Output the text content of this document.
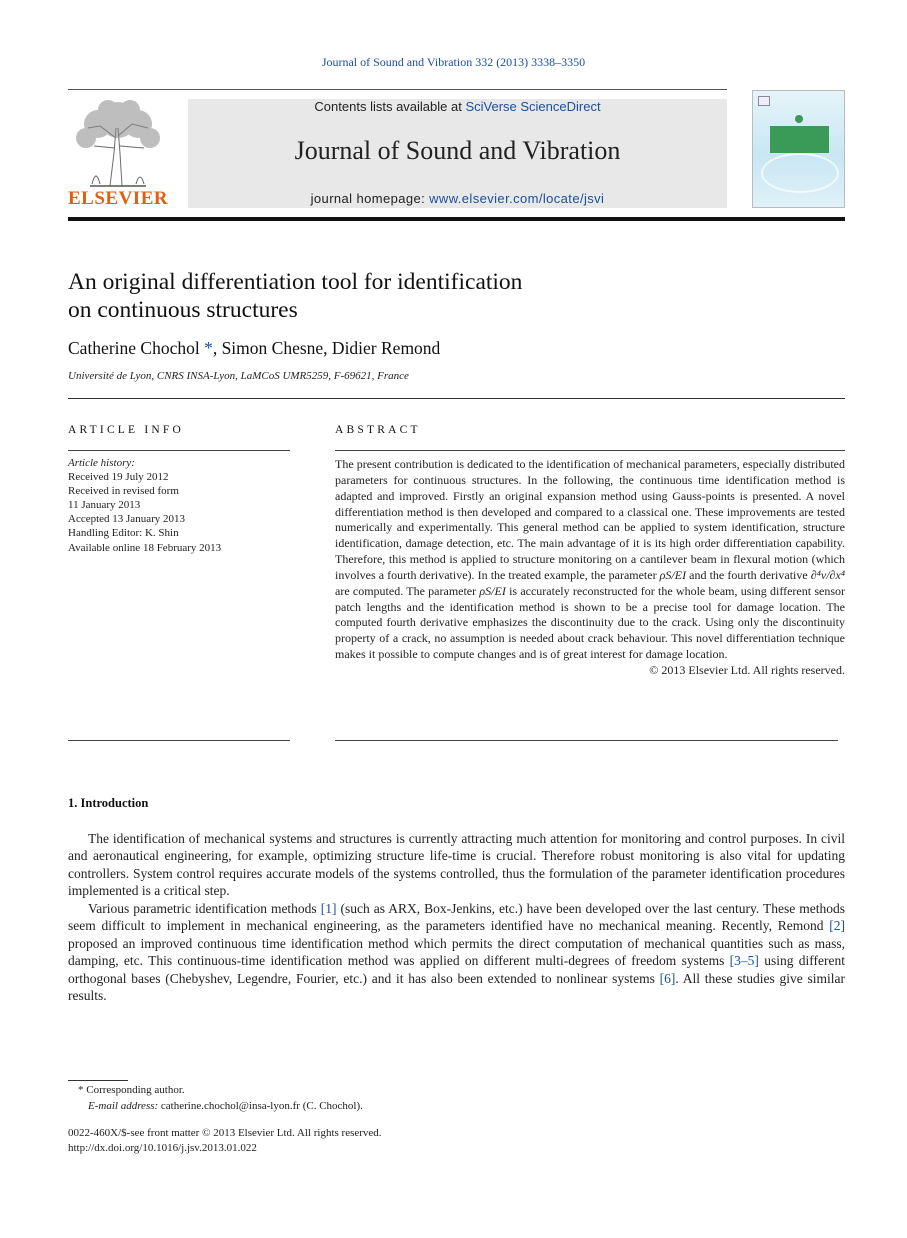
Journal of Sound and Vibration 332 (2013) 3338–3350
ELSEVIER
Contents lists available at SciVerse ScienceDirect
Journal of Sound and Vibration
journal homepage: www.elsevier.com/locate/jsvi
An original differentiation tool for identification
on continuous structures
Catherine Chochol *, Simon Chesne, Didier Remond
Université de Lyon, CNRS INSA-Lyon, LaMCoS UMR5259, F-69621, France
ARTICLE INFO
Article history:
Received 19 July 2012
Received in revised form
11 January 2013
Accepted 13 January 2013
Handling Editor: K. Shin
Available online 18 February 2013
ABSTRACT
The present contribution is dedicated to the identification of mechanical parameters, especially distributed parameters for continuous structures. In the following, the continuous time identification method is adapted and improved. Firstly an original expansion method using Gauss-points is presented. A novel differentiation method is then developed and compared to a classical one. These improvements are tested numerically and experimentally. This general method can be applied to system identification, structure identification, damage detection, etc. The main advantage of it is its high order differentiation capability. Therefore, this method is applied to structure monitoring on a cantilever beam in flexural motion (which involves a fourth derivative). In the treated example, the parameter ρS/EI and the fourth derivative ∂⁴v/∂x⁴ are computed. The parameter ρS/EI is accurately reconstructed for the whole beam, using different sensor patch lengths and the identification method is shown to be a precise tool for damage location. The computed fourth derivative emphasizes the discontinuity due to the crack. Using only the discontinuity property of a crack, no assumption is needed about crack behaviour. This novel differentiation technique makes it possible to compute changes and is of great interest for damage location.
© 2013 Elsevier Ltd. All rights reserved.
1. Introduction
The identification of mechanical systems and structures is currently attracting much attention for monitoring and control purposes. In civil and aeronautical engineering, for example, optimizing structure life-time is crucial. Therefore robust monitoring is also vital for updating controllers. System control requires accurate models of the systems controlled, thus the formulation of the parameter identification procedures implemented is a critical step.
Various parametric identification methods [1] (such as ARX, Box-Jenkins, etc.) have been developed over the last century. These methods seem difficult to implement in mechanical engineering, as the parameters identified have no mechanical meaning. Recently, Remond [2] proposed an improved continuous time identification method which permits the direct computation of mechanical quantities such as mass, damping, etc. This continuous-time identification method was applied on different multi-degrees of freedom systems [3–5] using different orthogonal bases (Chebyshev, Legendre, Fourier, etc.) and it has also been extended to nonlinear systems [6]. All these studies give similar results.
* Corresponding author.
E-mail address: catherine.chochol@insa-lyon.fr (C. Chochol).
0022-460X/$-see front matter © 2013 Elsevier Ltd. All rights reserved.
http://dx.doi.org/10.1016/j.jsv.2013.01.022
